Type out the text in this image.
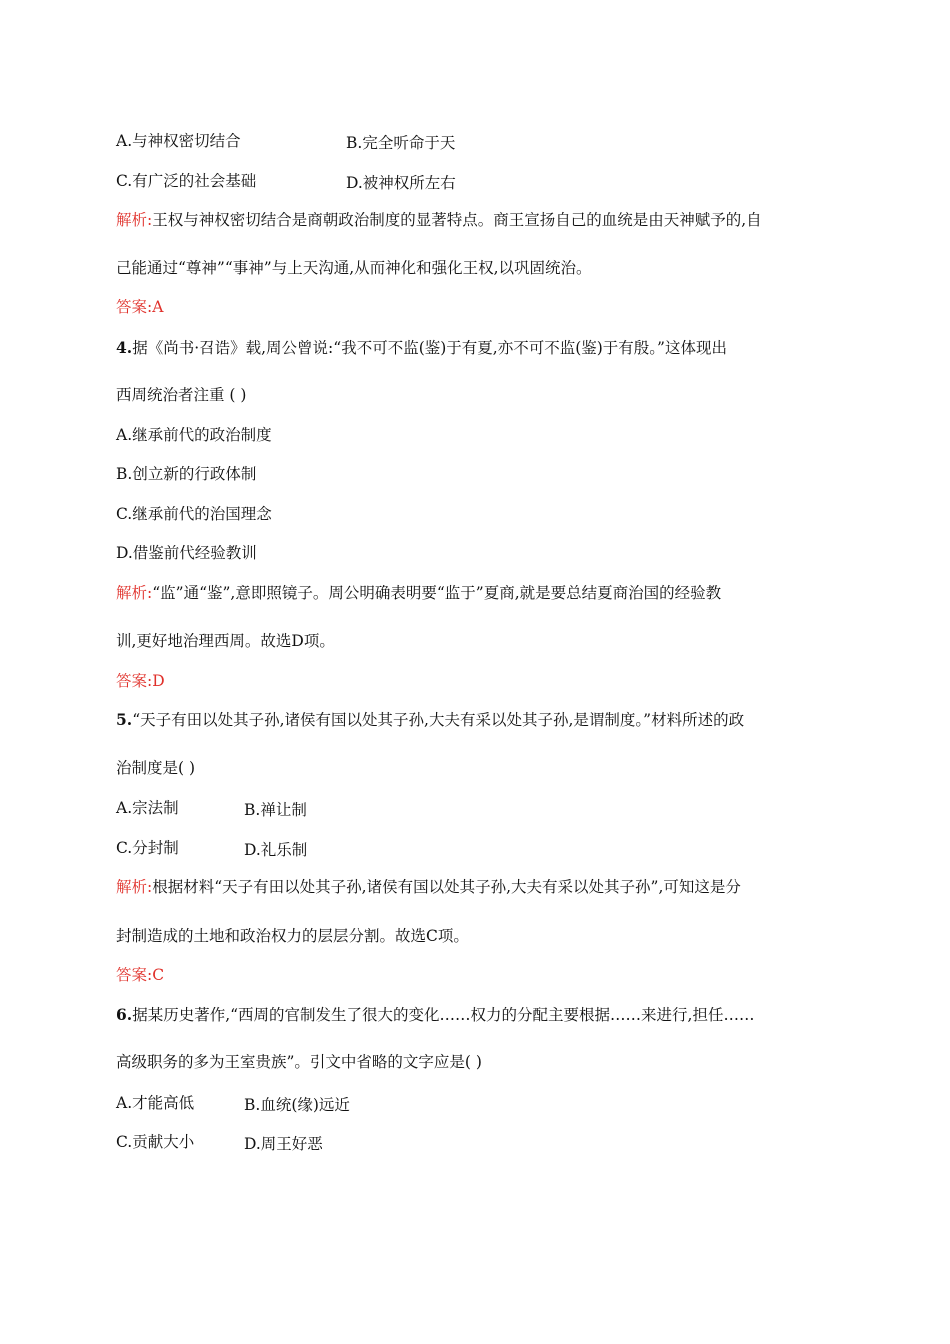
A.与神权密切结合	B.完全听命于天
C.有广泛的社会基础	D.被神权所左右
解析:王权与神权密切结合是商朝政治制度的显著特点。商王宣扬自己的血统是由天神赋予的,自
己能通过“尊神”“事神”与上天沟通,从而神化和强化王权,以巩固统治。
答案:A
4.据《尚书·召诰》载,周公曾说:“我不可不监(鉴)于有夏,亦不可不监(鉴)于有殷。”这体现出
西周统治者注重 ( )
A.继承前代的政治制度
B.创立新的行政体制
C.继承前代的治国理念
D.借鉴前代经验教训
解析:“监”通“鉴”,意即照镜子。周公明确表明要“监于”夏商,就是要总结夏商治国的经验教
训,更好地治理西周。故选D项。
答案:D
5.“天子有田以处其子孙,诸侯有国以处其子孙,大夫有采以处其子孙,是谓制度。”材料所述的政
治制度是( )
A.宗法制	B.禅让制
C.分封制	D.礼乐制
解析:根据材料“天子有田以处其子孙,诸侯有国以处其子孙,大夫有采以处其子孙”,可知这是分
封制造成的土地和政治权力的层层分割。故选C项。
答案:C
6.据某历史著作,“西周的官制发生了很大的变化……权力的分配主要根据……来进行,担任……
高级职务的多为王室贵族”。引文中省略的文字应是( )
A.才能高低	B.血统(缘)远近
C.贡献大小	D.周王好恶
